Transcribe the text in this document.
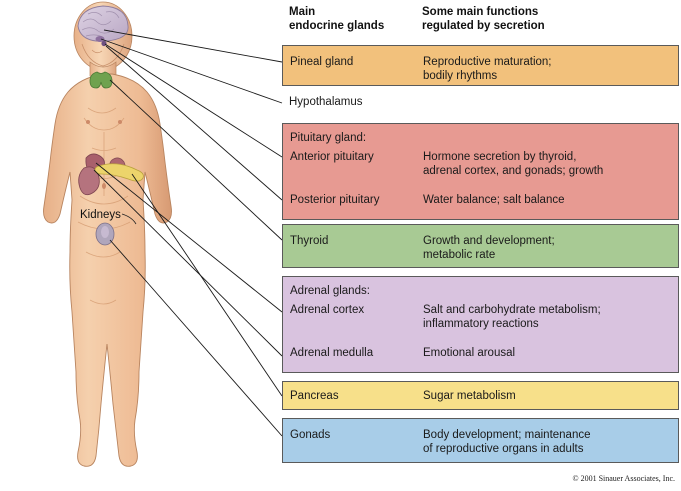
Kidneys
Main
endocrine glands
Some main functions
regulated by secretion
Pineal gland	Reproductive maturation;
bodily rhythms
Hypothalamus
Pituitary gland:
Anterior pituitary	Hormone secretion by thyroid,
adrenal cortex, and gonads; growth
Posterior pituitary	Water balance; salt balance
Thyroid	Growth and development;
metabolic rate
Adrenal glands:
Adrenal cortex	Salt and carbohydrate metabolism;
inflammatory reactions
Adrenal medulla	Emotional arousal
Pancreas	Sugar metabolism
Gonads	Body development; maintenance
of reproductive organs in adults
© 2001 Sinauer Associates, Inc.
